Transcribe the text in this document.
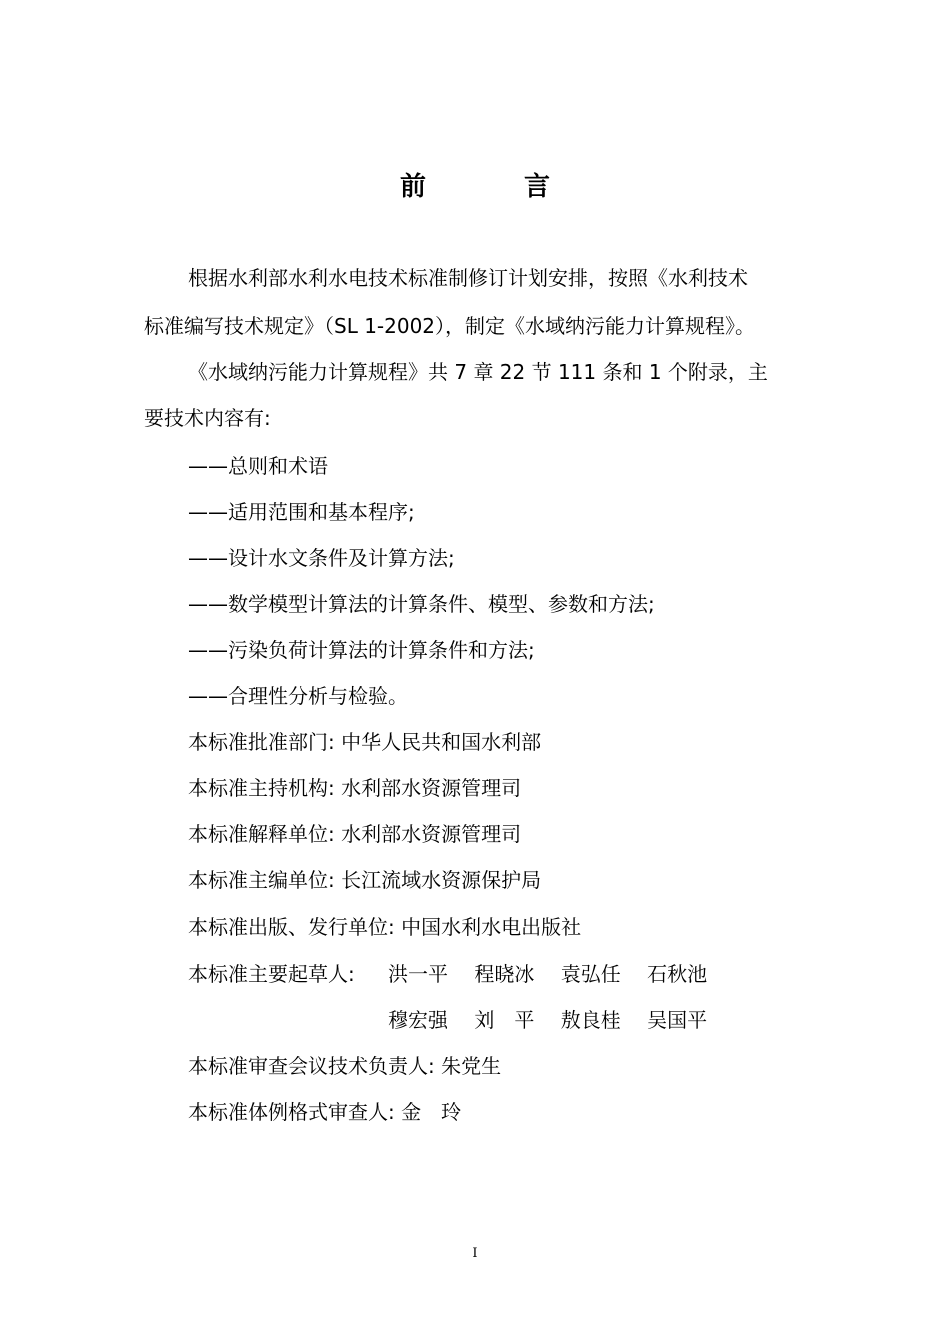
前　言
根据水利部水利水电技术标准制修订计划安排，按照《水利技术
标准编写技术规定》（SL 1-2002），制定《水域纳污能力计算规程》。
《水域纳污能力计算规程》共 7 章 22 节 111 条和 1 个附录，主
要技术内容有:
——总则和术语
——适用范围和基本程序;
——设计水文条件及计算方法;
——数学模型计算法的计算条件、模型、参数和方法;
——污染负荷计算法的计算条件和方法;
——合理性分析与检验。
本标准批准部门: 中华人民共和国水利部
本标准主持机构: 水利部水资源管理司
本标准解释单位: 水利部水资源管理司
本标准主编单位: 长江流域水资源保护局
本标准出版、发行单位: 中国水利水电出版社
本标准主要起草人: 洪一平　 程晓冰　 袁弘任　 石秋池
穆宏强　 刘　平　 敖良桂　 吴国平
本标准审查会议技术负责人: 朱党生
本标准体例格式审查人: 金　玲
I
